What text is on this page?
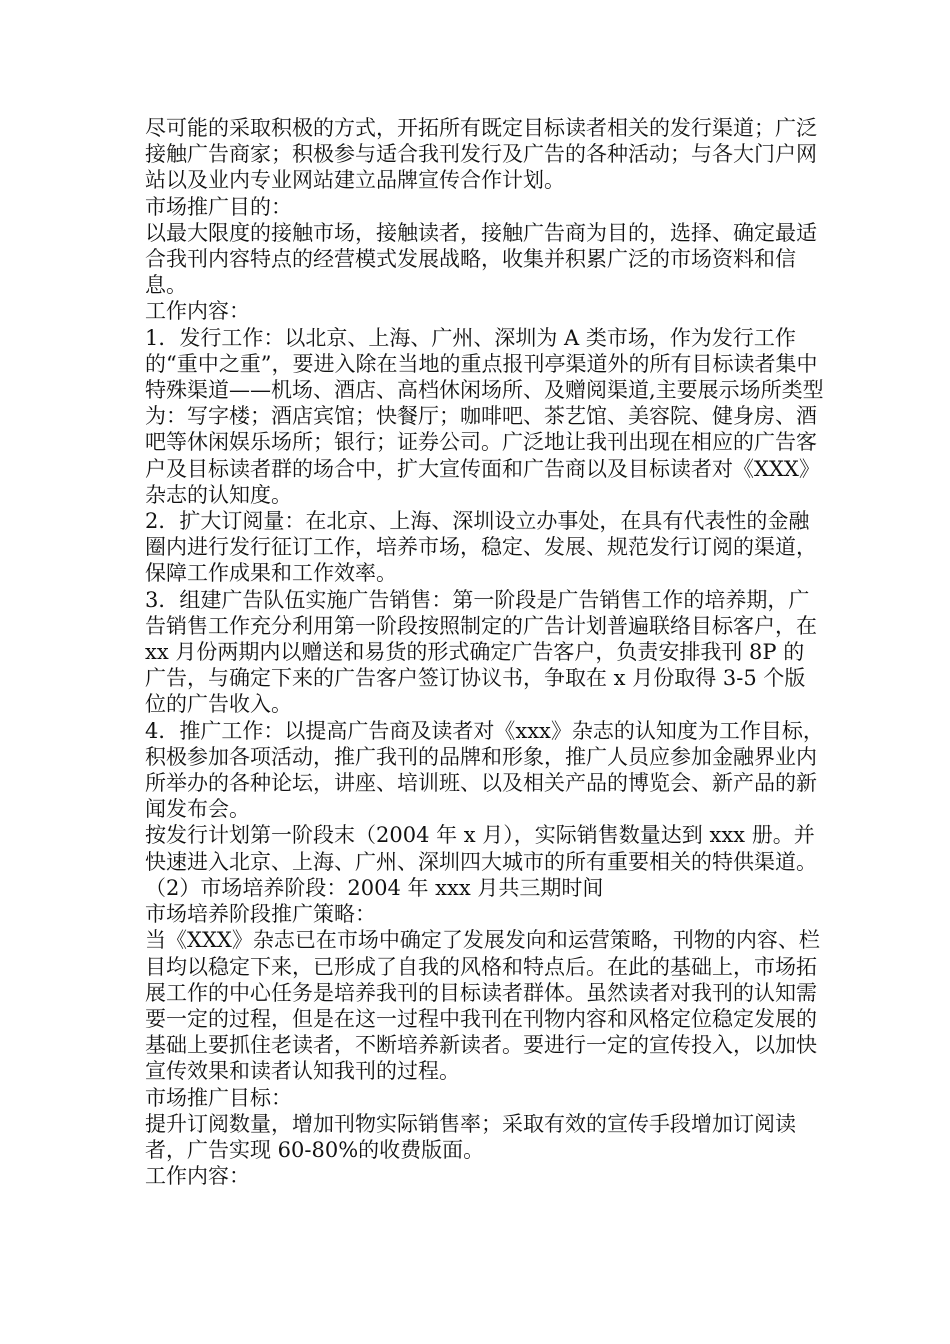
尽可能的采取积极的方式，开拓所有既定目标读者相关的发行渠道；广泛接触广告商家；积极参与适合我刊发行及广告的各种活动；与各大门户网站以及业内专业网站建立品牌宣传合作计划。

市场推广目的：

以最大限度的接触市场，接触读者，接触广告商为目的，选择、确定最适合我刊内容特点的经营模式发展战略，收集并积累广泛的市场资料和信息。

工作内容：

1．发行工作：以北京、上海、广州、深圳为 A 类市场，作为发行工作的“重中之重”，要进入除在当地的重点报刊亭渠道外的所有目标读者集中特殊渠道——机场、酒店、高档休闲场所、及赠阅渠道,主要展示场所类型为：写字楼；酒店宾馆；快餐厅；咖啡吧、茶艺馆、美容院、健身房、酒吧等休闲娱乐场所；银行；证券公司。广泛地让我刊出现在相应的广告客户及目标读者群的场合中，扩大宣传面和广告商以及目标读者对《XXX》杂志的认知度。

2．扩大订阅量：在北京、上海、深圳设立办事处，在具有代表性的金融圈内进行发行征订工作，培养市场，稳定、发展、规范发行订阅的渠道，保障工作成果和工作效率。

3．组建广告队伍实施广告销售：第一阶段是广告销售工作的培养期，广告销售工作充分利用第一阶段按照制定的广告计划普遍联络目标客户，在 xx 月份两期内以赠送和易货的形式确定广告客户，负责安排我刊 8P 的广告，与确定下来的广告客户签订协议书，争取在 x 月份取得 3-5 个版位的广告收入。

4．推广工作：以提高广告商及读者对《xxx》杂志的认知度为工作目标，积极参加各项活动，推广我刊的品牌和形象，推广人员应参加金融界业内所举办的各种论坛，讲座、培训班、以及相关产品的博览会、新产品的新闻发布会。

按发行计划第一阶段末（2004 年 x 月），实际销售数量达到 xxx 册。并快速进入北京、上海、广州、深圳四大城市的所有重要相关的特供渠道。

（2）市场培养阶段：2004 年 xxx 月共三期时间

市场培养阶段推广策略：

当《XXX》杂志已在市场中确定了发展发向和运营策略，刊物的内容、栏目均以稳定下来，已形成了自我的风格和特点后。在此的基础上，市场拓展工作的中心任务是培养我刊的目标读者群体。虽然读者对我刊的认知需要一定的过程，但是在这一过程中我刊在刊物内容和风格定位稳定发展的基础上要抓住老读者，不断培养新读者。要进行一定的宣传投入，以加快宣传效果和读者认知我刊的过程。

市场推广目标：

提升订阅数量，增加刊物实际销售率；采取有效的宣传手段增加订阅读者，广告实现 60-80%的收费版面。

工作内容：
